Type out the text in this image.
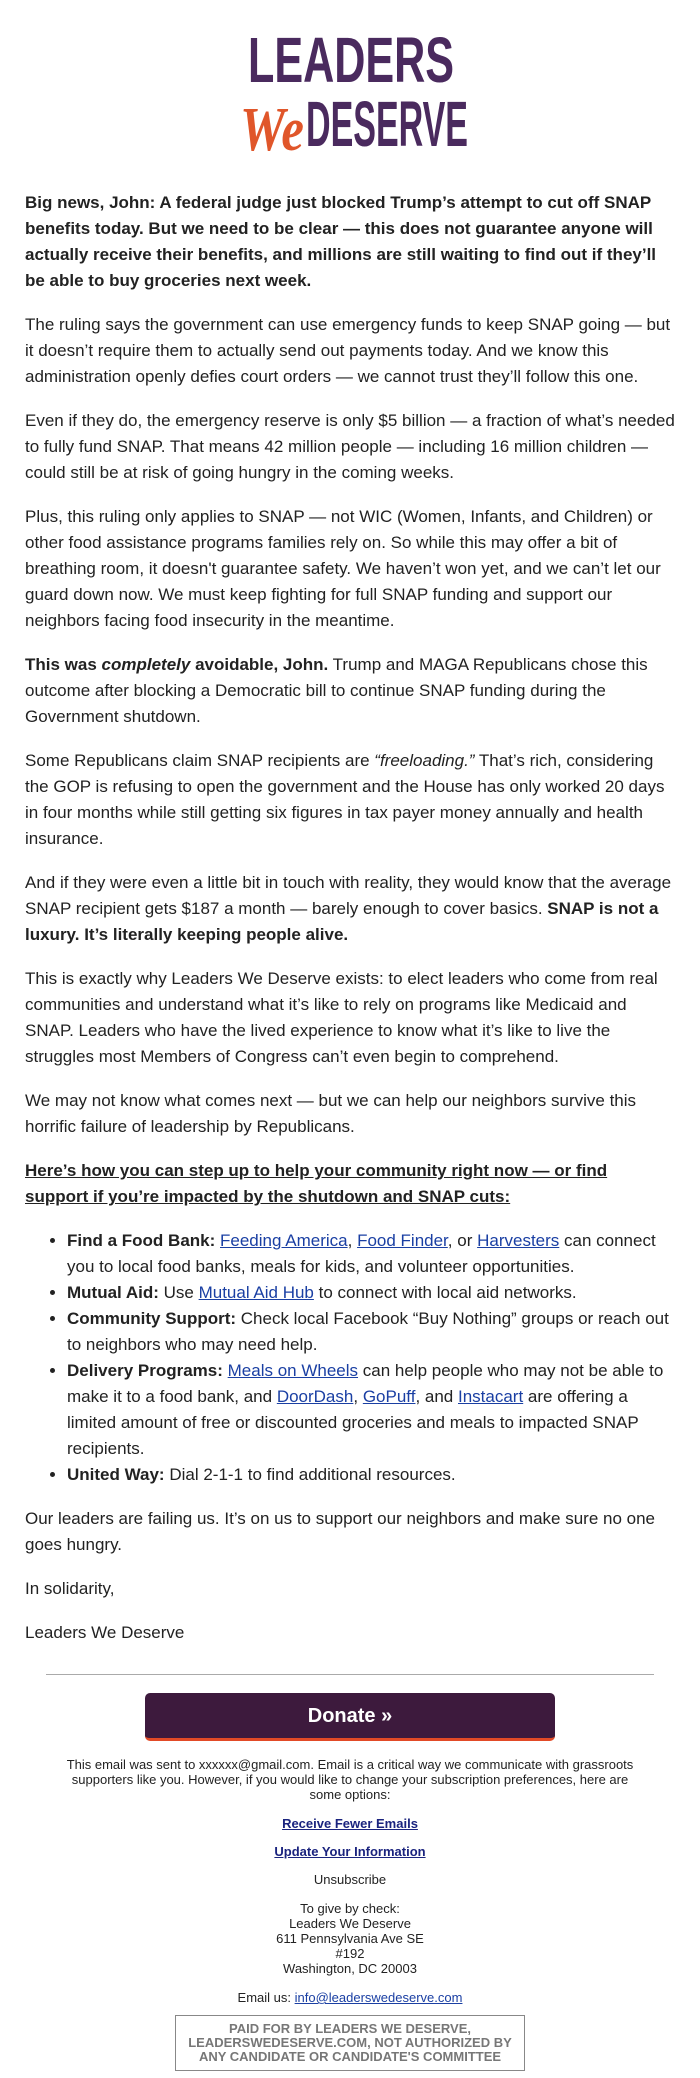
LEADERS
We DESERVE

Big news, John: A federal judge just blocked Trump’s attempt to cut off SNAP benefits today. But we need to be clear — this does not guarantee anyone will actually receive their benefits, and millions are still waiting to find out if they’ll be able to buy groceries next week.

The ruling says the government can use emergency funds to keep SNAP going — but it doesn’t require them to actually send out payments today. And we know this administration openly defies court orders — we cannot trust they’ll follow this one.

Even if they do, the emergency reserve is only $5 billion — a fraction of what’s needed to fully fund SNAP. That means 42 million people — including 16 million children — could still be at risk of going hungry in the coming weeks.

Plus, this ruling only applies to SNAP — not WIC (Women, Infants, and Children) or other food assistance programs families rely on. So while this may offer a bit of breathing room, it doesn't guarantee safety. We haven’t won yet, and we can’t let our guard down now. We must keep fighting for full SNAP funding and support our neighbors facing food insecurity in the meantime.

This was completely avoidable, John. Trump and MAGA Republicans chose this outcome after blocking a Democratic bill to continue SNAP funding during the Government shutdown.

Some Republicans claim SNAP recipients are “freeloading.” That’s rich, considering the GOP is refusing to open the government and the House has only worked 20 days in four months while still getting six figures in tax payer money annually and health insurance.

And if they were even a little bit in touch with reality, they would know that the average SNAP recipient gets $187 a month — barely enough to cover basics. SNAP is not a luxury. It’s literally keeping people alive.

This is exactly why Leaders We Deserve exists: to elect leaders who come from real communities and understand what it’s like to rely on programs like Medicaid and SNAP. Leaders who have the lived experience to know what it’s like to live the struggles most Members of Congress can’t even begin to comprehend.

We may not know what comes next — but we can help our neighbors survive this horrific failure of leadership by Republicans.

Here’s how you can step up to help your community right now — or find support if you’re impacted by the shutdown and SNAP cuts:

• Find a Food Bank: Feeding America, Food Finder, or Harvesters can connect you to local food banks, meals for kids, and volunteer opportunities.
• Mutual Aid: Use Mutual Aid Hub to connect with local aid networks.
• Community Support: Check local Facebook “Buy Nothing” groups or reach out to neighbors who may need help.
• Delivery Programs: Meals on Wheels can help people who may not be able to make it to a food bank, and DoorDash, GoPuff, and Instacart are offering a limited amount of free or discounted groceries and meals to impacted SNAP recipients.
• United Way: Dial 2-1-1 to find additional resources.

Our leaders are failing us. It’s on us to support our neighbors and make sure no one goes hungry.

In solidarity,

Leaders We Deserve

Donate »

This email was sent to xxxxxx@gmail.com. Email is a critical way we communicate with grassroots supporters like you. However, if you would like to change your subscription preferences, here are some options:

Receive Fewer Emails

Update Your Information

Unsubscribe

To give by check:

Leaders We Deserve

611 Pennsylvania Ave SE

#192

Washington, DC 20003

Email us: info@leaderswedeserve.com

PAID FOR BY LEADERS WE DESERVE, LEADERSWEDESERVE.COM, NOT AUTHORIZED BY ANY CANDIDATE OR CANDIDATE'S COMMITTEE
